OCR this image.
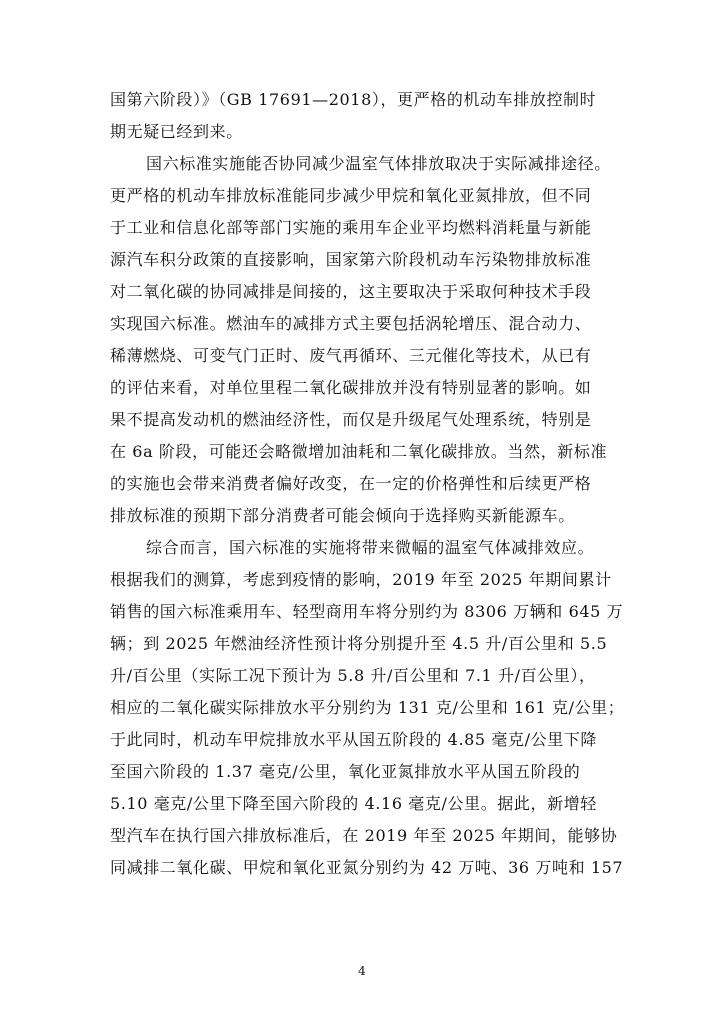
国第六阶段）》（GB 17691—2018），更严格的机动车排放控制时
期无疑已经到来。
国六标准实施能否协同减少温室气体排放取决于实际减排途径。
更严格的机动车排放标准能同步减少甲烷和氧化亚氮排放，但不同
于工业和信息化部等部门实施的乘用车企业平均燃料消耗量与新能
源汽车积分政策的直接影响，国家第六阶段机动车污染物排放标准
对二氧化碳的协同减排是间接的，这主要取决于采取何种技术手段
实现国六标准。燃油车的减排方式主要包括涡轮增压、混合动力、
稀薄燃烧、可变气门正时、废气再循环、三元催化等技术，从已有
的评估来看，对单位里程二氧化碳排放并没有特别显著的影响。如
果不提高发动机的燃油经济性，而仅是升级尾气处理系统，特别是
在 6a 阶段，可能还会略微增加油耗和二氧化碳排放。当然，新标准
的实施也会带来消费者偏好改变，在一定的价格弹性和后续更严格
排放标准的预期下部分消费者可能会倾向于选择购买新能源车。
综合而言，国六标准的实施将带来微幅的温室气体减排效应。
根据我们的测算，考虑到疫情的影响，2019 年至 2025 年期间累计
销售的国六标准乘用车、轻型商用车将分别约为 8306 万辆和 645 万
辆；到 2025 年燃油经济性预计将分别提升至 4.5 升/百公里和 5.5
升/百公里（实际工况下预计为 5.8 升/百公里和 7.1 升/百公里），
相应的二氧化碳实际排放水平分别约为 131 克/公里和 161 克/公里；
于此同时，机动车甲烷排放水平从国五阶段的 4.85 毫克/公里下降
至国六阶段的 1.37 毫克/公里，氧化亚氮排放水平从国五阶段的
5.10 毫克/公里下降至国六阶段的 4.16 毫克/公里。据此，新增轻
型汽车在执行国六排放标准后，在 2019 年至 2025 年期间，能够协
同减排二氧化碳、甲烷和氧化亚氮分别约为 42 万吨、36 万吨和 157
4
